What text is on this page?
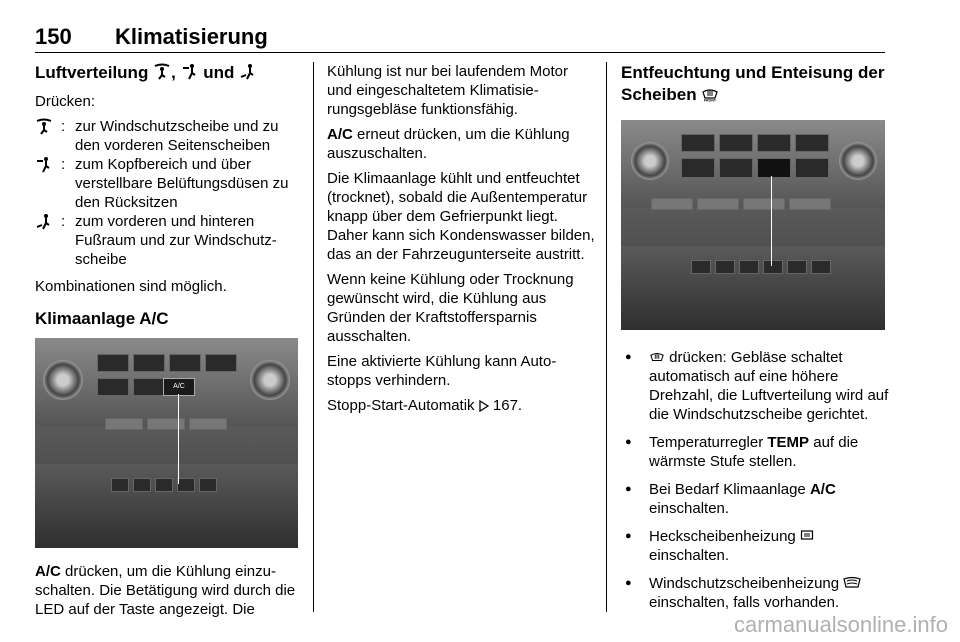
150 Klimatisierung
Luftverteilung , und

Drücken:

: zur Windschutzscheibe und zu den vorderen Seitenscheiben
: zum Kopfbereich und über verstellbare Belüftungsdüsen zu den Rücksitzen
: zum vorderen und hinteren Fußraum und zur Windschutzscheibe

Kombinationen sind möglich.

Klimaanlage A/C
A/C

A/C drücken, um die Kühlung einzuschalten. Die Betätigung wird durch die LED auf der Taste angezeigt. Die

Kühlung ist nur bei laufendem Motor und eingeschaltetem Klimatisierungsgebläse funktionsfähig.

A/C erneut drücken, um die Kühlung auszuschalten.

Die Klimaanlage kühlt und entfeuchtet (trocknet), sobald die Außentemperatur knapp über dem Gefrierpunkt liegt. Daher kann sich Kondenswasser bilden, das an der Fahrzeugunterseite austritt.

Wenn keine Kühlung oder Trocknung gewünscht wird, die Kühlung aus Gründen der Kraftstoffersparnis ausschalten.

Eine aktivierte Kühlung kann Autostopps verhindern.

Stopp-Start-Automatik 167.

Entfeuchtung und Enteisung der Scheiben FRONT
● drücken: Gebläse schaltet automatisch auf eine höhere Drehzahl, die Luftverteilung wird auf die Windschutzscheibe gerichtet.
● Temperaturregler TEMP auf die wärmste Stufe stellen.
● Bei Bedarf Klimaanlage A/C einschalten.
● Heckscheibenheizung  einschalten.
● Windschutzscheibenheizung  einschalten, falls vorhanden.
carmanualsonline.info
